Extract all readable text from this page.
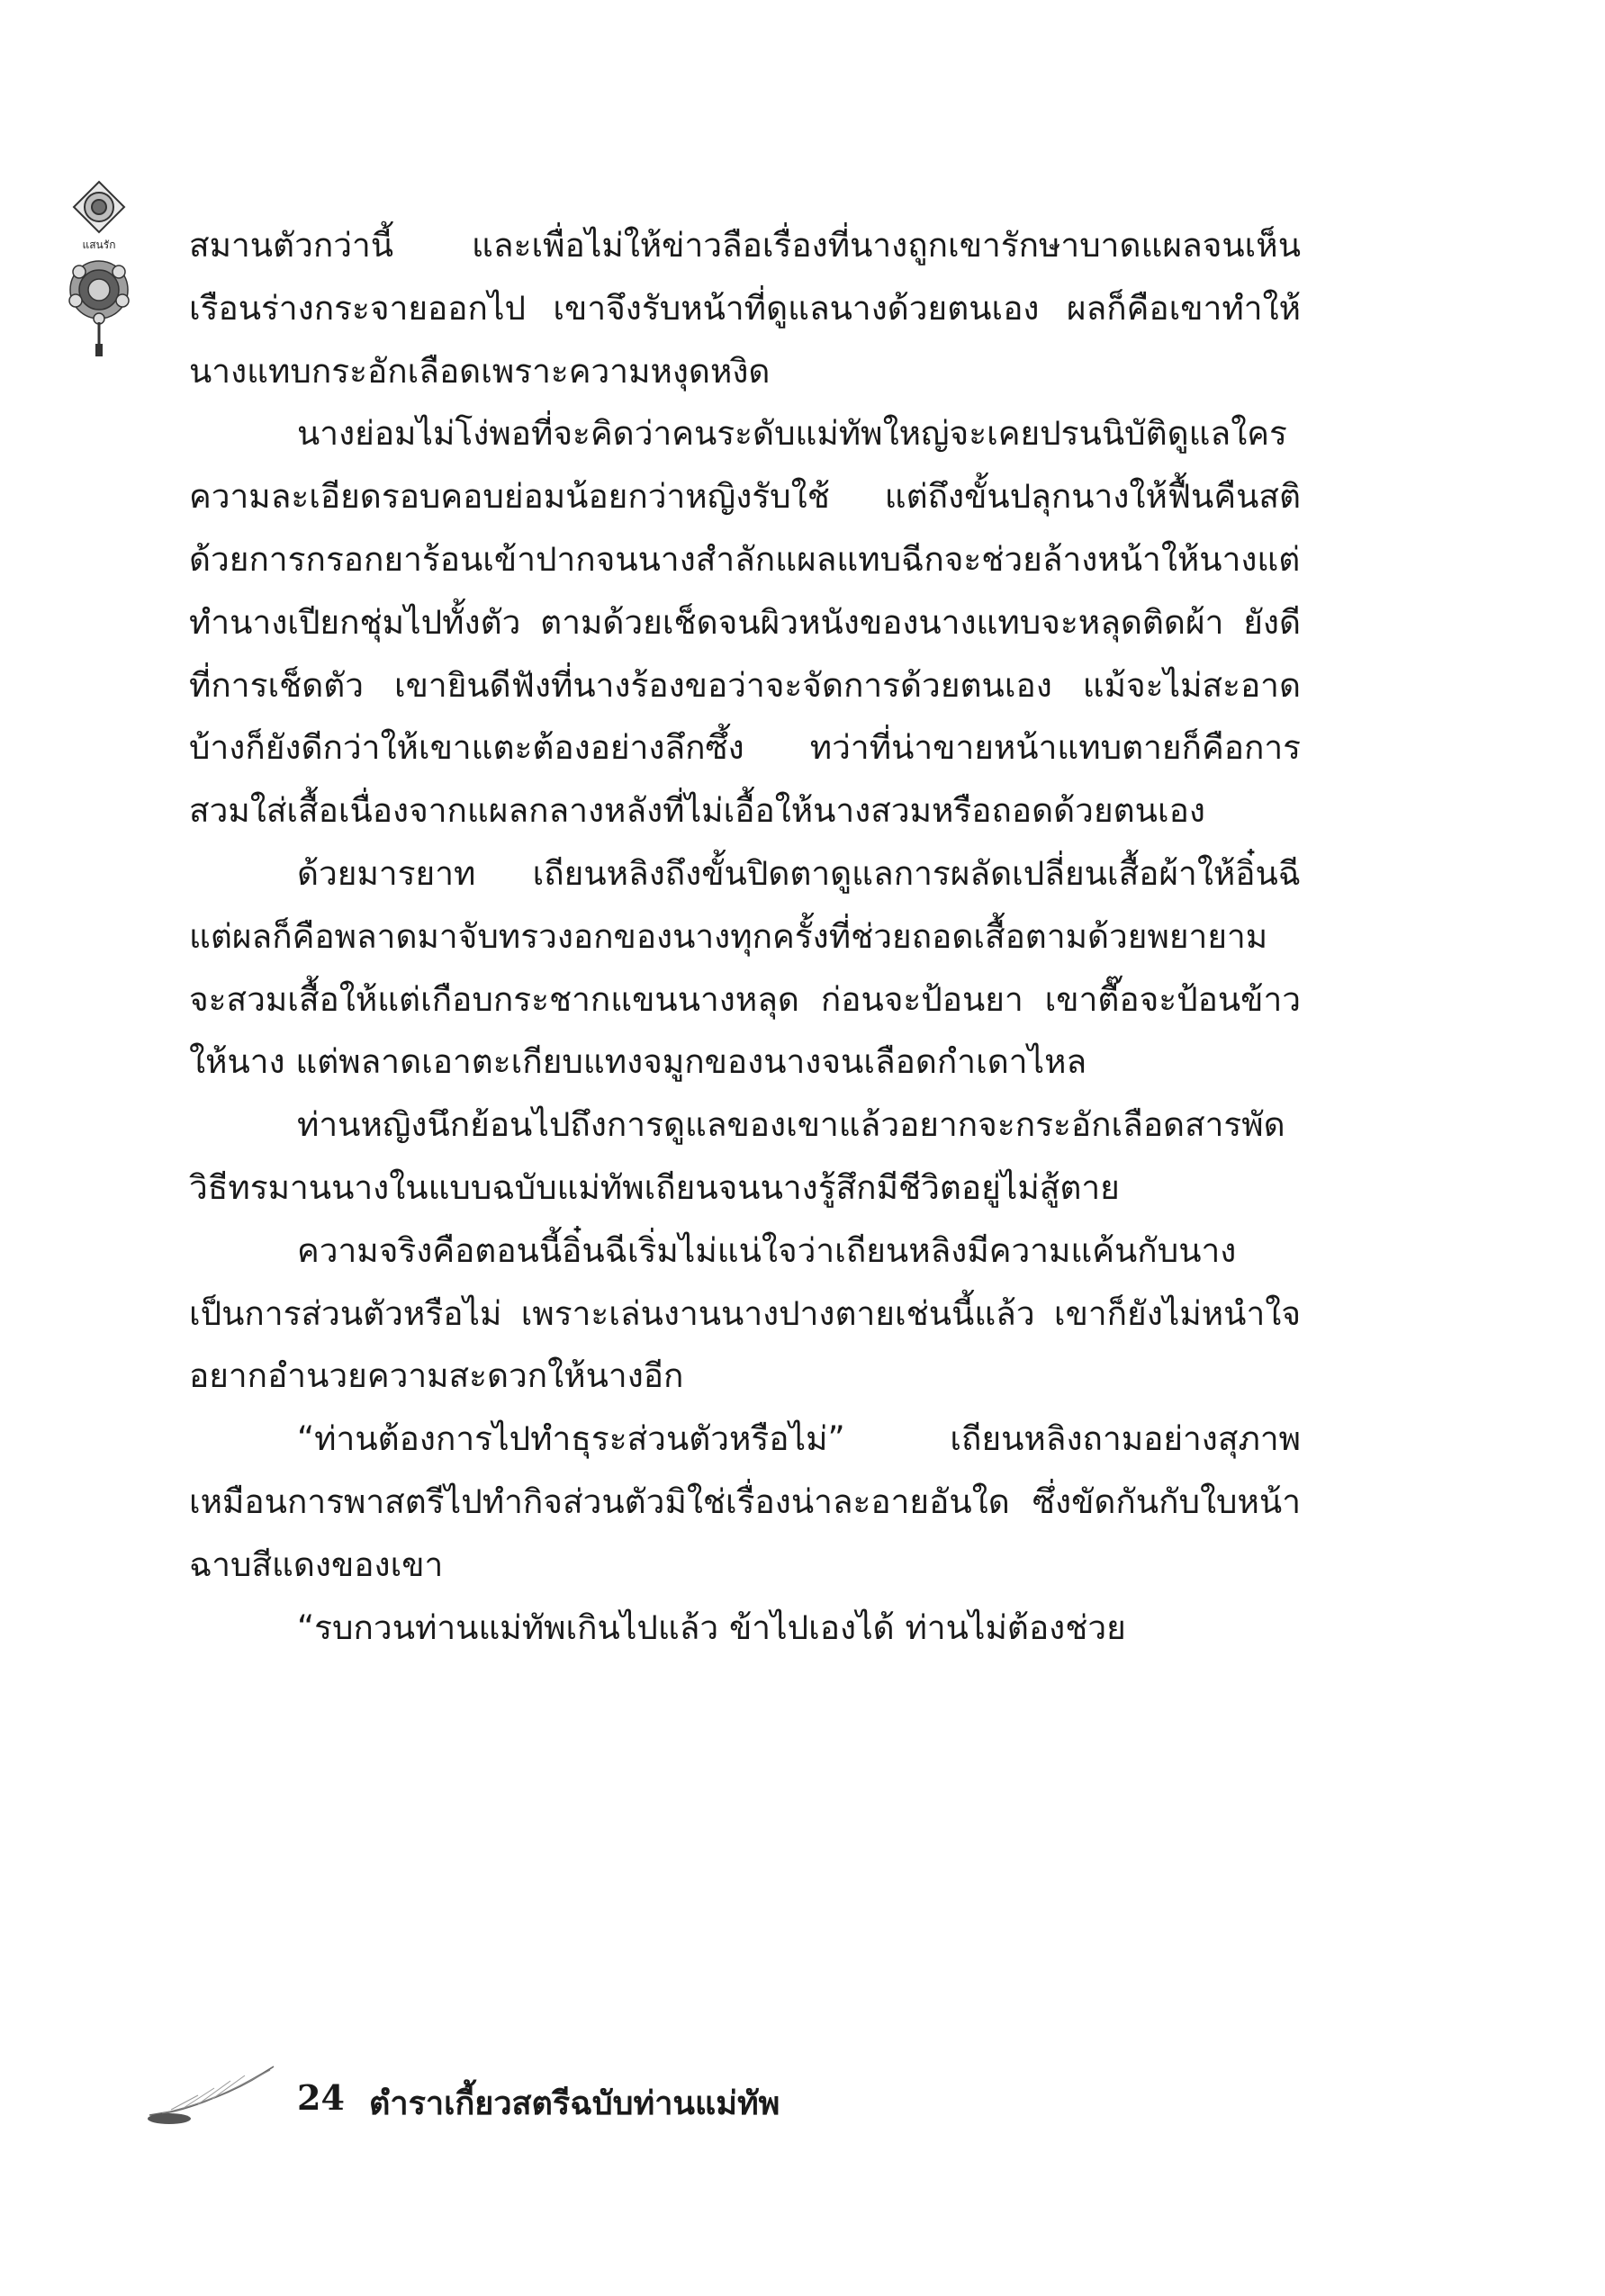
แสนรัก สมานตัวกว่านี้ และเพื่อไม่ให้ข่าวลือเรื่องที่นางถูกเขารักษาบาดแผลจนเห็นเรือนร่างกระจายออกไป เขาจึงรับหน้าที่ดูแลนางด้วยตนเอง ผลก็คือเขาทำให้นางแทบกระอักเลือดเพราะความหงุดหงิด

นางย่อมไม่โง่พอที่จะคิดว่าคนระดับแม่ทัพใหญ่จะเคยปรนนิบัติดูแลใคร ความละเอียดรอบคอบย่อมน้อยกว่าหญิงรับใช้ แต่ถึงขั้นปลุกนางให้ฟื้นคืนสติด้วยการกรอกยาร้อนเข้าปากจนนางสำลักแผลแทบฉีกจะช่วยล้างหน้าให้นางแต่ทำนางเปียกชุ่มไปทั้งตัว ตามด้วยเช็ดจนผิวหนังของนางแทบจะหลุดติดผ้า ยังดีที่การเช็ดตัว เขายินดีฟังที่นางร้องขอว่าจะจัดการด้วยตนเอง แม้จะไม่สะอาดบ้างก็ยังดีกว่าให้เขาแตะต้องอย่างลึกซึ้ง ทว่าที่น่าขายหน้าแทบตายก็คือการสวมใส่เสื้อเนื่องจากแผลกลางหลังที่ไม่เอื้อให้นางสวมหรือถอดด้วยตนเอง

ด้วยมารยาท เถียนหลิงถึงขั้นปิดตาดูแลการผลัดเปลี่ยนเสื้อผ้าให้อิ๋นฉี แต่ผลก็คือพลาดมาจับทรวงอกของนางทุกครั้งที่ช่วยถอดเสื้อตามด้วยพยายามจะสวมเสื้อให้แต่เกือบกระชากแขนนางหลุด ก่อนจะป้อนยา เขาตื๊อจะป้อนข้าวให้นาง แต่พลาดเอาตะเกียบแทงจมูกของนางจนเลือดกำเดาไหล

ท่านหญิงนึกย้อนไปถึงการดูแลของเขาแล้วอยากจะกระอักเลือดสารพัดวิธีทรมานนางในแบบฉบับแม่ทัพเถียนจนนางรู้สึกมีชีวิตอยู่ไม่สู้ตาย

ความจริงคือตอนนี้อิ๋นฉีเริ่มไม่แน่ใจว่าเถียนหลิงมีความแค้นกับนางเป็นการส่วนตัวหรือไม่ เพราะเล่นงานนางปางตายเช่นนี้แล้ว เขาก็ยังไม่หนำใจอยากอำนวยความสะดวกให้นางอีก

“ท่านต้องการไปทำธุระส่วนตัวหรือไม่” เถียนหลิงถามอย่างสุภาพเหมือนการพาสตรีไปทำกิจส่วนตัวมิใช่เรื่องน่าละอายอันใด ซึ่งขัดกันกับใบหน้าฉาบสีแดงของเขา

“รบกวนท่านแม่ทัพเกินไปแล้ว ข้าไปเองได้ ท่านไม่ต้องช่วย

24 ตำราเกี้ยวสตรีฉบับท่านแม่ทัพ
